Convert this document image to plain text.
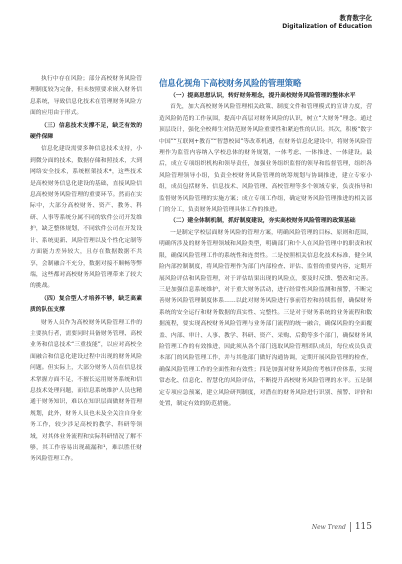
教育数字化
Digitalization of Education

执行中存在风险；部分高校财务风险管理制度较为完备，但未按照要求嵌入财务信息系统，导致信息化技术在管理财务风险方面的应用由于形式。

（三）信息技术支撑不足，缺乏有效的硬件保障

信息化建设需要多种信息技术支持，小到微分面的技术，数据存储和照技术，大到网络安全技术，系统框架技术*，这些技术是高校财务信息化建设的基础，直接风险信息高校财务风险管理的重要环节。然而在实际中，大部分高校财务、资产、教务、科研、人事等系统分属不同的软件公司开发维护，缺乏整体规划，不同软件公司在开发设计、系统更新、风险管理以及个性化定制等方面能力差异较大，且存在数据数据不共享，会制融合不充分，数据对接不顺畅等弊端，这些都对高校财务风险管理带来了较大的挑战。

（四）复合型人才培养不够，缺乏高素质的队伍支撑

财务人员作为高校财务风险管理工作的主要执行者，需要同时具备财务管理、高校业务和信息技术“三重技能”，以应对高校全面融合和信息化建设过程中出现的财务风险问题。但实际上，大部分财务人员在信息技术掌握方面不足，不擅长运用财务系统和信息技术处理问题，而信息系统维护人员也精通于财务知识，难以在知识层面做财务管理规划，此外，财务人员也未及全关注自身业务工作，较少涉足高校的教学、科研等领域，对其体业务流程和实际科研情况了解不够，其工作容易出现疏漏和¹，难以胜任财务风险管理工作。

信息化视角下高校财务风险的管理策略

（一）提高思想认识，转好财务理念，提升高校财务风险管理的整体水平

首先，加大高校财务风险管理相关政策、制度文件和管理模式的宣讲力度，营造风险防范的工作氛围，提高中高层对财务风险的认识，树立“大财务”理念。通过顶层设计，强化全校师生对防范财务风险重要性和紧迫性的认识。其次，积极“数字中国”“互联网+教育”“智慧校园”等改革机遇，在财务信息化建设中，将财务风险管理作为监管内容纳入学校总体的财务规划，一体考虑、一体推进、一体建设。最后，成立专项组织机构和领导责任，加强业务组织监督的领导和监督管理，组织各风险管理领导小组，负责全校财务风险管理的统筹规划与协调推进，建立专家小组，成员包括财务、信息技术、风险管理、高校管理等多个领域专家，负责指导和监督财务风险管理的实施方案；成立专项工作组，确定财务风险管理推进的相关部门的分工，负责财务风险管理具体工作的推进。

（二）建全体制机制，抓好制度建设，夯实高校财务风险管理的政策基础

一是制定学校层面财务风险的管理方案，明确风险管理的目标、原则和范围，明确所涉及的财务管理领域和风险类型，明确部门和个人在风险管理中的职责和权限，确保风险管理工作的系统性和连贯性。二是按照相关信息化技术标准，健全风险内部控制制度，将风险管理作为部门内部检查、评估、监督的重要内容，定期开展风险评估和风险管理，对于评估结果出现的风险点，要及时反馈、整改和完善。三是加强信息系统维护，对于重大财务活动，进行经常性风险监测和预警，不断完善财务风险管理制度体系……以此对财务风险进行事前管控和持续监督，确保财务系统的安全运行和财务数据的真实性、完整性。三是对于财务系统的业务流程和数据流程，要实现高校财务风险管理与业务部门流程的统一融合，确保风险的全面覆盖、内部、审计、人事、教学、科研、资产、采购、后勤等多个部门，确保财务风险管理工作的有效推进，因此须从各个部门选取风险管理团队成员，每位成员负责本部门的风险管理工作，并与其他部门做好沟通协调，定期开展风险管理的检查，确保风险管理工作的全面性和有效性；四是加强对财务风险的考核评价体系，实现常态化、信息化、智慧化的风险评估，不断提升高校财务风险管理的水平。五是制定专项应急预案，建立风险研判制度，对潜在的财务风险进行识别、预警、评价和处置，制定有效的防范措施。

New Trend 115
